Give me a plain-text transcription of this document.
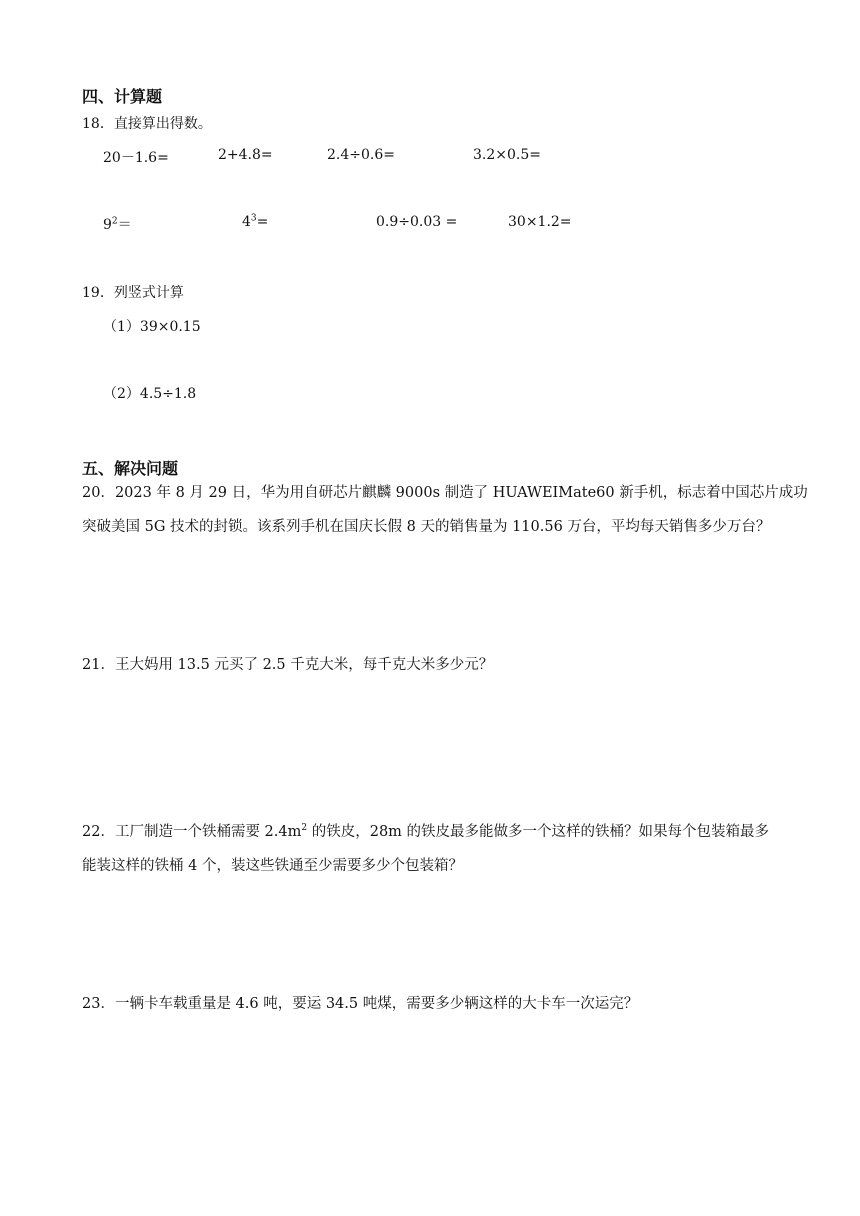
四、计算题
18．直接算出得数。
20－1.6=	2+4.8=	2.4÷0.6=	3.2×0.5=
$9^2=$	$4^3=$	0.9÷0.03 =	30×1.2=
19．列竖式计算
（1）39×0.15
（2）4.5÷1.8
五、解决问题
20．2023 年 8 月 29 日，华为用自研芯片麒麟 9000s 制造了 HUAWEIMate60 新手机，标志着中国芯片成功
突破美国 5G 技术的封锁。该系列手机在国庆长假 8 天的销售量为 110.56 万台，平均每天销售多少万台？
21．王大妈用 13.5 元买了 2.5 千克大米，每千克大米多少元？
22．工厂制造一个铁桶需要 $2.4m^2$ 的铁皮，28m 的铁皮最多能做多一个这样的铁桶？如果每个包装箱最多
能装这样的铁桶 4 个，装这些铁通至少需要多少个包装箱？
23．一辆卡车载重量是 4.6 吨，要运 34.5 吨煤，需要多少辆这样的大卡车一次运完？
